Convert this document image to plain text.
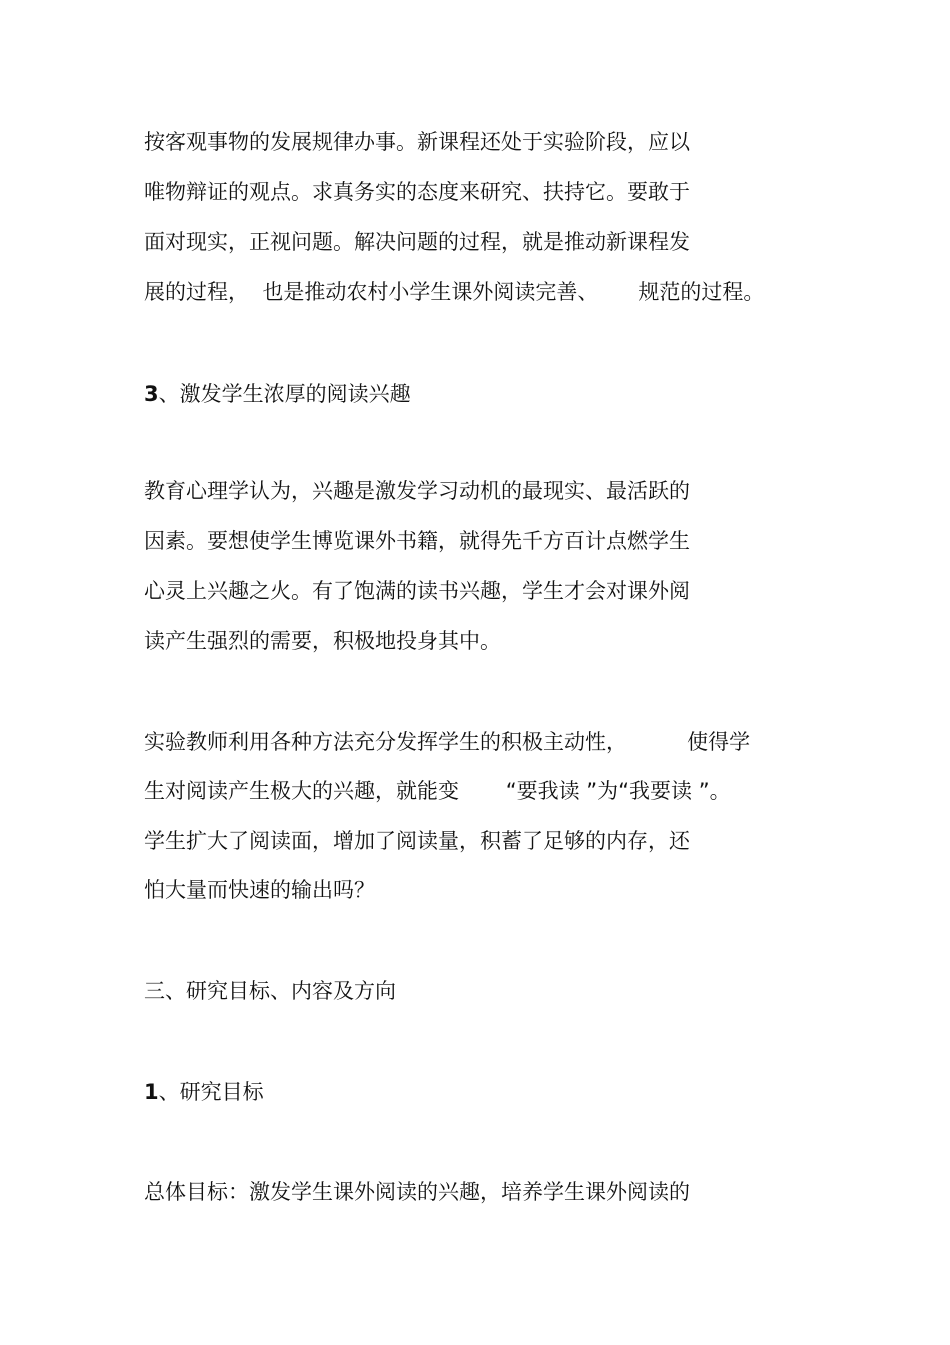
按客观事物的发展规律办事。新课程还处于实验阶段，应以
唯物辩证的观点。求真务实的态度来研究、扶持它。要敢于
面对现实，正视问题。解决问题的过程，就是推动新课程发
展的过程，  也是推动农村小学生课外阅读完善、      规范的过程。
3、激发学生浓厚的阅读兴趣
教育心理学认为，兴趣是激发学习动机的最现实、最活跃的
因素。要想使学生博览课外书籍，就得先千方百计点燃学生
心灵上兴趣之火。有了饱满的读书兴趣，学生才会对课外阅
读产生强烈的需要，积极地投身其中。
实验教师利用各种方法充分发挥学生的积极主动性，         使得学
生对阅读产生极大的兴趣，就能变       “要我读 ”为“我要读 ”。
学生扩大了阅读面，增加了阅读量，积蓄了足够的内存，还
怕大量而快速的输出吗？
三、研究目标、内容及方向
1、研究目标
总体目标：激发学生课外阅读的兴趣，培养学生课外阅读的
